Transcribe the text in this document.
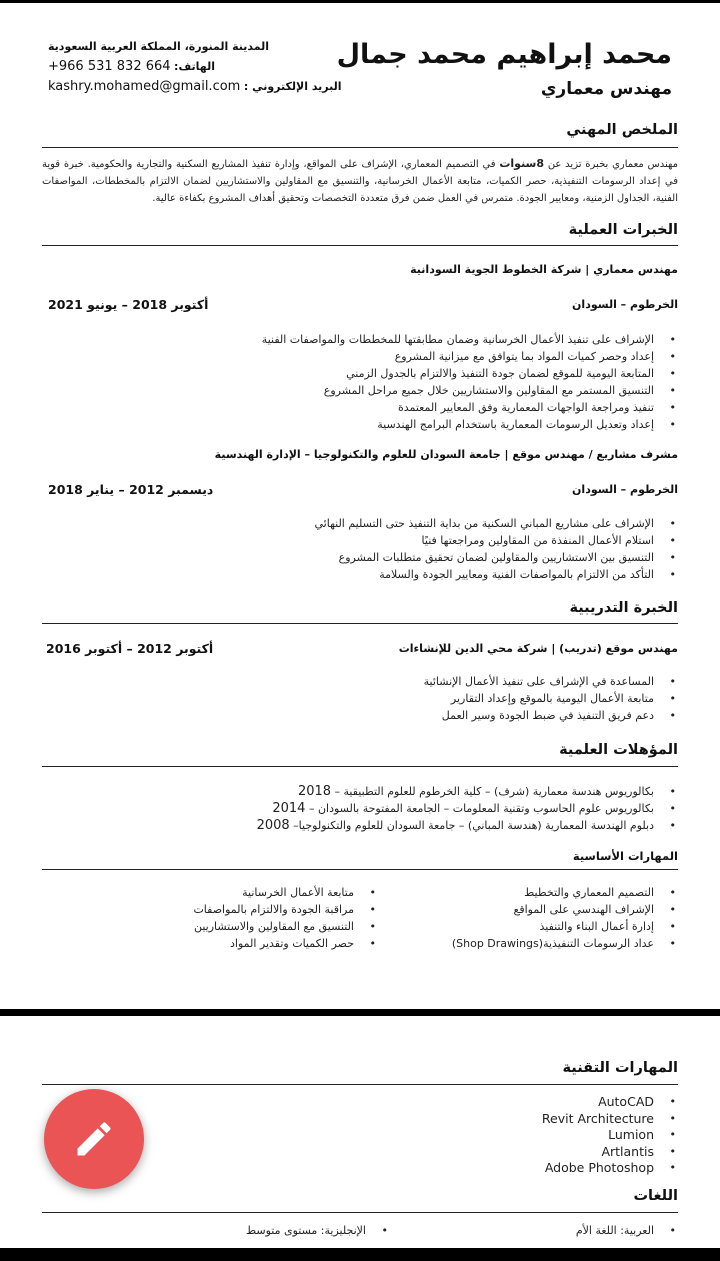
محمد إبراهيم محمد جمال
مهندس معماري
المدينة المنورة، المملكة العربية السعودية
الهاتف: +966 531 832 664
البريد الإلكتروني : kashry.mohamed@gmail.com
الملخص المهني
مهندس معماري بخبرة تزيد عن 8سنوات في التصميم المعماري، الإشراف على المواقع، وإدارة تنفيذ المشاريع السكنية والتجارية والحكومية. خبرة قوية في إعداد الرسومات التنفيذية، حصر الكميات، متابعة الأعمال الخرسانية، والتنسيق مع المقاولين والاستشاريين لضمان الالتزام بالمخططات، المواصفات الفنية، الجداول الزمنية، ومعايير الجودة. متمرس في العمل ضمن فرق متعددة التخصصات وتحقيق أهداف المشروع بكفاءة عالية.
الخبرات العملية
مهندس معماري | شركة الخطوط الجوية السودانية
الخرطوم – السودان
أكتوبر 2018 – يونيو 2021
• الإشراف على تنفيذ الأعمال الخرسانية وضمان مطابقتها للمخططات والمواصفات الفنية
• إعداد وحصر كميات المواد بما يتوافق مع ميزانية المشروع
• المتابعة اليومية للموقع لضمان جودة التنفيذ والالتزام بالجدول الزمني
• التنسيق المستمر مع المقاولين والاستشاريين خلال جميع مراحل المشروع
• تنفيذ ومراجعة الواجهات المعمارية وفق المعايير المعتمدة
• إعداد وتعديل الرسومات المعمارية باستخدام البرامج الهندسية
مشرف مشاريع / مهندس موقع | جامعة السودان للعلوم والتكنولوجيا – الإدارة الهندسية
الخرطوم – السودان
ديسمبر 2012 – يناير 2018
• الإشراف على مشاريع المباني السكنية من بداية التنفيذ حتى التسليم النهائي
• استلام الأعمال المنفذة من المقاولين ومراجعتها فنيًا
• التنسيق بين الاستشاريين والمقاولين لضمان تحقيق متطلبات المشروع
• التأكد من الالتزام بالمواصفات الفنية ومعايير الجودة والسلامة
الخبرة التدريبية
مهندس موقع (تدريب) | شركة محي الدين للإنشاءات
أكتوبر 2012 – أكتوبر 2016
• المساعدة في الإشراف على تنفيذ الأعمال الإنشائية
• متابعة الأعمال اليومية بالموقع وإعداد التقارير
• دعم فريق التنفيذ في ضبط الجودة وسير العمل
المؤهلات العلمية
• بكالوريوس هندسة معمارية (شرف) – كلية الخرطوم للعلوم التطبيقية – 2018
• بكالوريوس علوم الحاسوب وتقنية المعلومات – الجامعة المفتوحة بالسودان – 2014
• دبلوم الهندسة المعمارية (هندسة المباني) – جامعة السودان للعلوم والتكنولوجيا– 2008
المهارات الأساسية
• التصميم المعماري والتخطيط
• الإشراف الهندسي على المواقع
• إدارة أعمال البناء والتنفيذ
• عداد الرسومات التنفيذية(Shop Drawings)
• متابعة الأعمال الخرسانية
• مراقبة الجودة والالتزام بالمواصفات
• التنسيق مع المقاولين والاستشاريين
• حصر الكميات وتقدير المواد
المهارات التقنية
• AutoCAD
• Revit Architecture
• Lumion
• Artlantis
• Adobe Photoshop
اللغات
• العربية: اللغة الأم
• الإنجليزية: مستوى متوسط
